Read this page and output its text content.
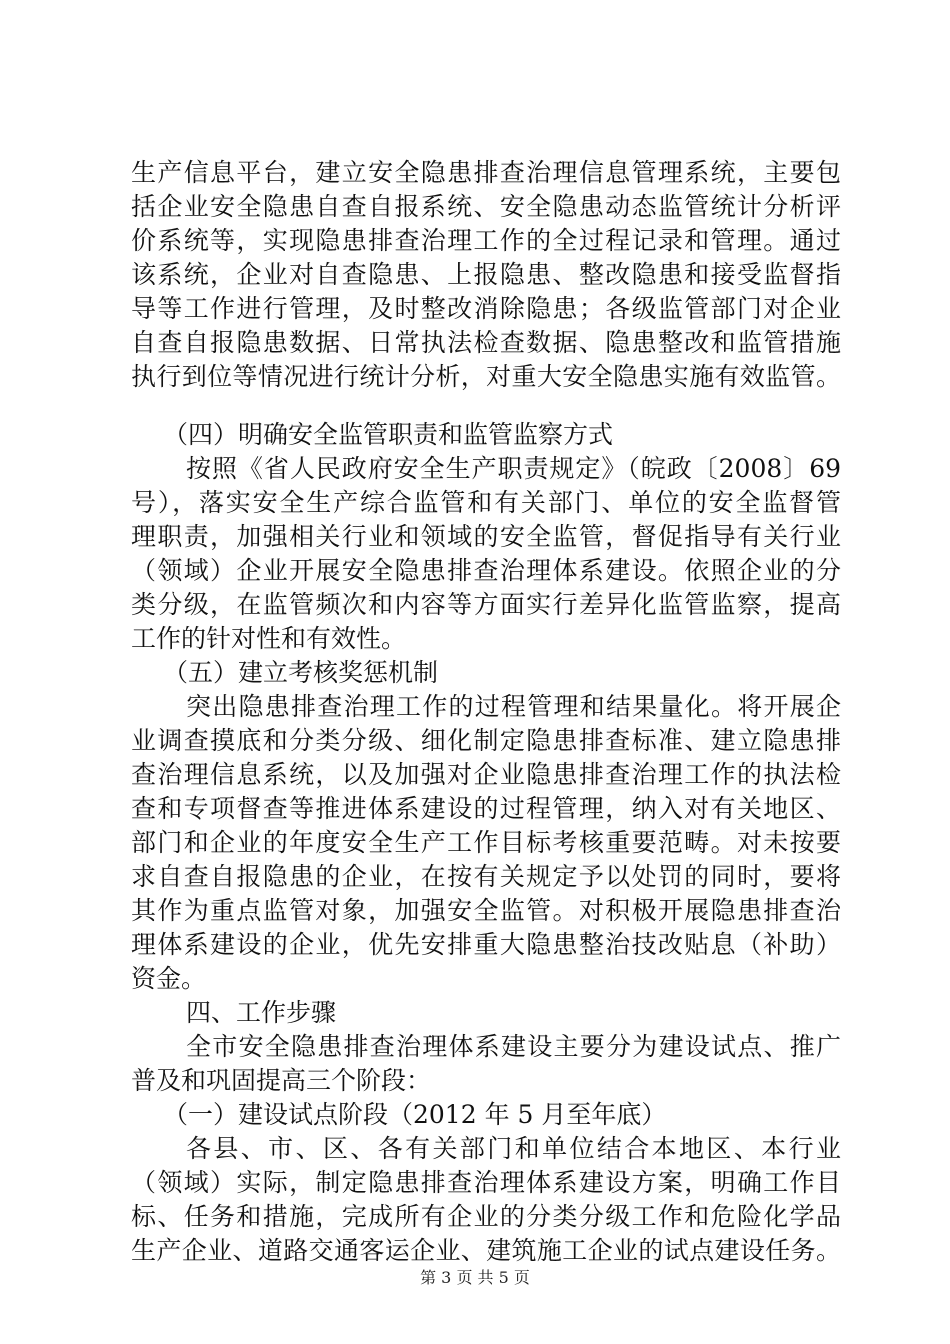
生产信息平台，建立安全隐患排查治理信息管理系统，主要包
括企业安全隐患自查自报系统、安全隐患动态监管统计分析评
价系统等，实现隐患排查治理工作的全过程记录和管理。通过
该系统，企业对自查隐患、上报隐患、整改隐患和接受监督指
导等工作进行管理，及时整改消除隐患；各级监管部门对企业
自查自报隐患数据、日常执法检查数据、隐患整改和监管措施
执行到位等情况进行统计分析，对重大安全隐患实施有效监管。
（四）明确安全监管职责和监管监察方式
按照《省人民政府安全生产职责规定》（皖政〔2008〕69
号），落实安全生产综合监管和有关部门、单位的安全监督管
理职责，加强相关行业和领域的安全监管，督促指导有关行业
（领域）企业开展安全隐患排查治理体系建设。依照企业的分
类分级，在监管频次和内容等方面实行差异化监管监察，提高
工作的针对性和有效性。
（五）建立考核奖惩机制
突出隐患排查治理工作的过程管理和结果量化。将开展企
业调查摸底和分类分级、细化制定隐患排查标准、建立隐患排
查治理信息系统，以及加强对企业隐患排查治理工作的执法检
查和专项督查等推进体系建设的过程管理，纳入对有关地区、
部门和企业的年度安全生产工作目标考核重要范畴。对未按要
求自查自报隐患的企业，在按有关规定予以处罚的同时，要将
其作为重点监管对象，加强安全监管。对积极开展隐患排查治
理体系建设的企业，优先安排重大隐患整治技改贴息（补助）
资金。
四、工作步骤
全市安全隐患排查治理体系建设主要分为建设试点、推广
普及和巩固提高三个阶段：
（一）建设试点阶段（2012 年 5 月至年底）
各县、市、区、各有关部门和单位结合本地区、本行业
（领域）实际，制定隐患排查治理体系建设方案，明确工作目
标、任务和措施，完成所有企业的分类分级工作和危险化学品
生产企业、道路交通客运企业、建筑施工企业的试点建设任务。
第 3 页 共 5 页
